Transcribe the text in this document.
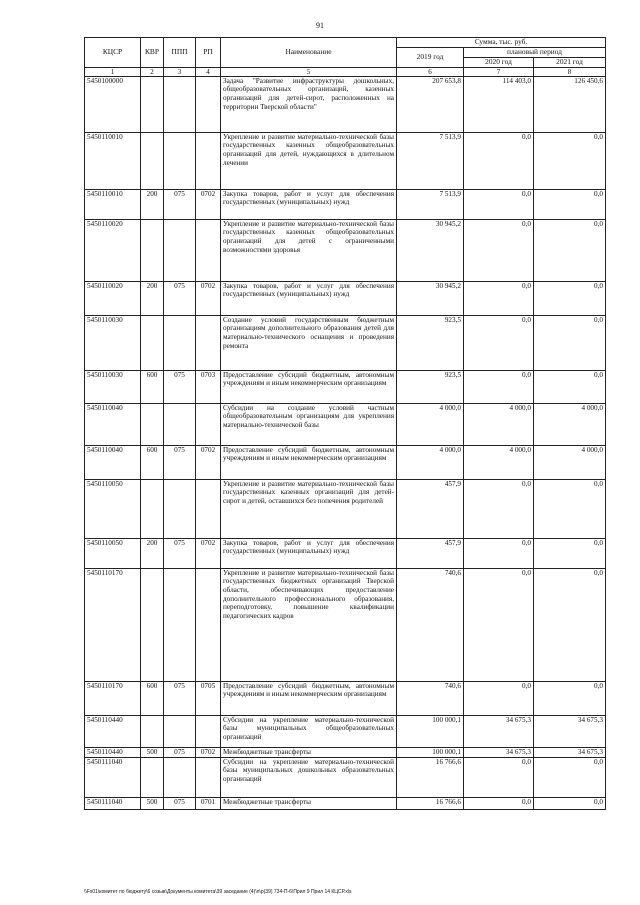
91
КЦСР	КВР	ППП	РП	Наименование	Сумма, тыс. руб.		
					2019 год	плановый период	
						2020 год	2021 год
1	2	3	4	5	6	7	8
5450100000				Задача "Развитие инфраструктуры дошкольных, общеобразовательных организаций, казенных организаций для детей-сирот, расположенных на территории Тверской области"	207 653,8	114 403,0	126 450,6
5450110010				Укрепление и развитие материально-технической базы государственных казенных общеобразовательных организаций для детей, нуждающихся в длительном лечении	7 513,9	0,0	0,0
5450110010	200	075	0702	Закупка товаров, работ и услуг для обеспечения государственных (муниципальных) нужд	7 513,9	0,0	0,0
5450110020				Укрепление и развитие материально-технической базы государственных казенных общеобразовательных организаций для детей с ограниченными возможностями здоровья	30 945,2	0,0	0,0
5450110020	200	075	0702	Закупка товаров, работ и услуг для обеспечения государственных (муниципальных) нужд	30 945,2	0,0	0,0
5450110030				Создание условий государственным бюджетным организациям дополнительного образования детей для материально-технического оснащения и проведения ремонта	923,5	0,0	0,0
5450110030	600	075	0703	Предоставление субсидий бюджетным, автономным учреждениям и иным некоммерческим организациям	923,5	0,0	0,0
5450110040				Субсидии на создание условий частным общеобразовательным организациям для укрепления материально-технической базы	4 000,0	4 000,0	4 000,0
5450110040	600	075	0702	Предоставление субсидий бюджетным, автономным учреждениям и иным некоммерческим организациям	4 000,0	4 000,0	4 000,0
5450110050				Укрепление и развитие материально-технической базы государственных казенных организаций для детей-сирот и детей, оставшихся без попечения родителей	457,9	0,0	0,0
5450110050	200	075	0702	Закупка товаров, работ и услуг для обеспечения государственных (муниципальных) нужд	457,9	0,0	0,0
5450110170				Укрепление и развитие материально-технической базы государственных бюджетных организаций Тверской области, обеспечивающих предоставление дополнительного профессионального образования, переподготовку, повышение квалификации педагогических кадров	740,6	0,0	0,0
5450110170	600	075	0705	Предоставление субсидий бюджетным, автономным учреждениям и иным некоммерческим организациям	740,6	0,0	0,0
5450110440				Субсидии на укрепление материально-технической базы муниципальных общеобразовательных организаций	100 000,1	34 675,3	34 675,3
5450110440	500	075	0702	Межбюджетные трансферты	100 000,1	34 675,3	34 675,3
5450111040				Субсидии на укрепление материально-технической базы муниципальных дошкольных образовательных организаций	16 766,6	0,0	0,0
5450111040	500	075	0701	Межбюджетные трансферты	16 766,6	0,0	0,0
\\Fs01\комитет по бюджету\6 созыв\Документы комитета\39 заседание (4)\п\р(39) 734-П-6\Прил 9 Прил 14 КЦСР.xls
